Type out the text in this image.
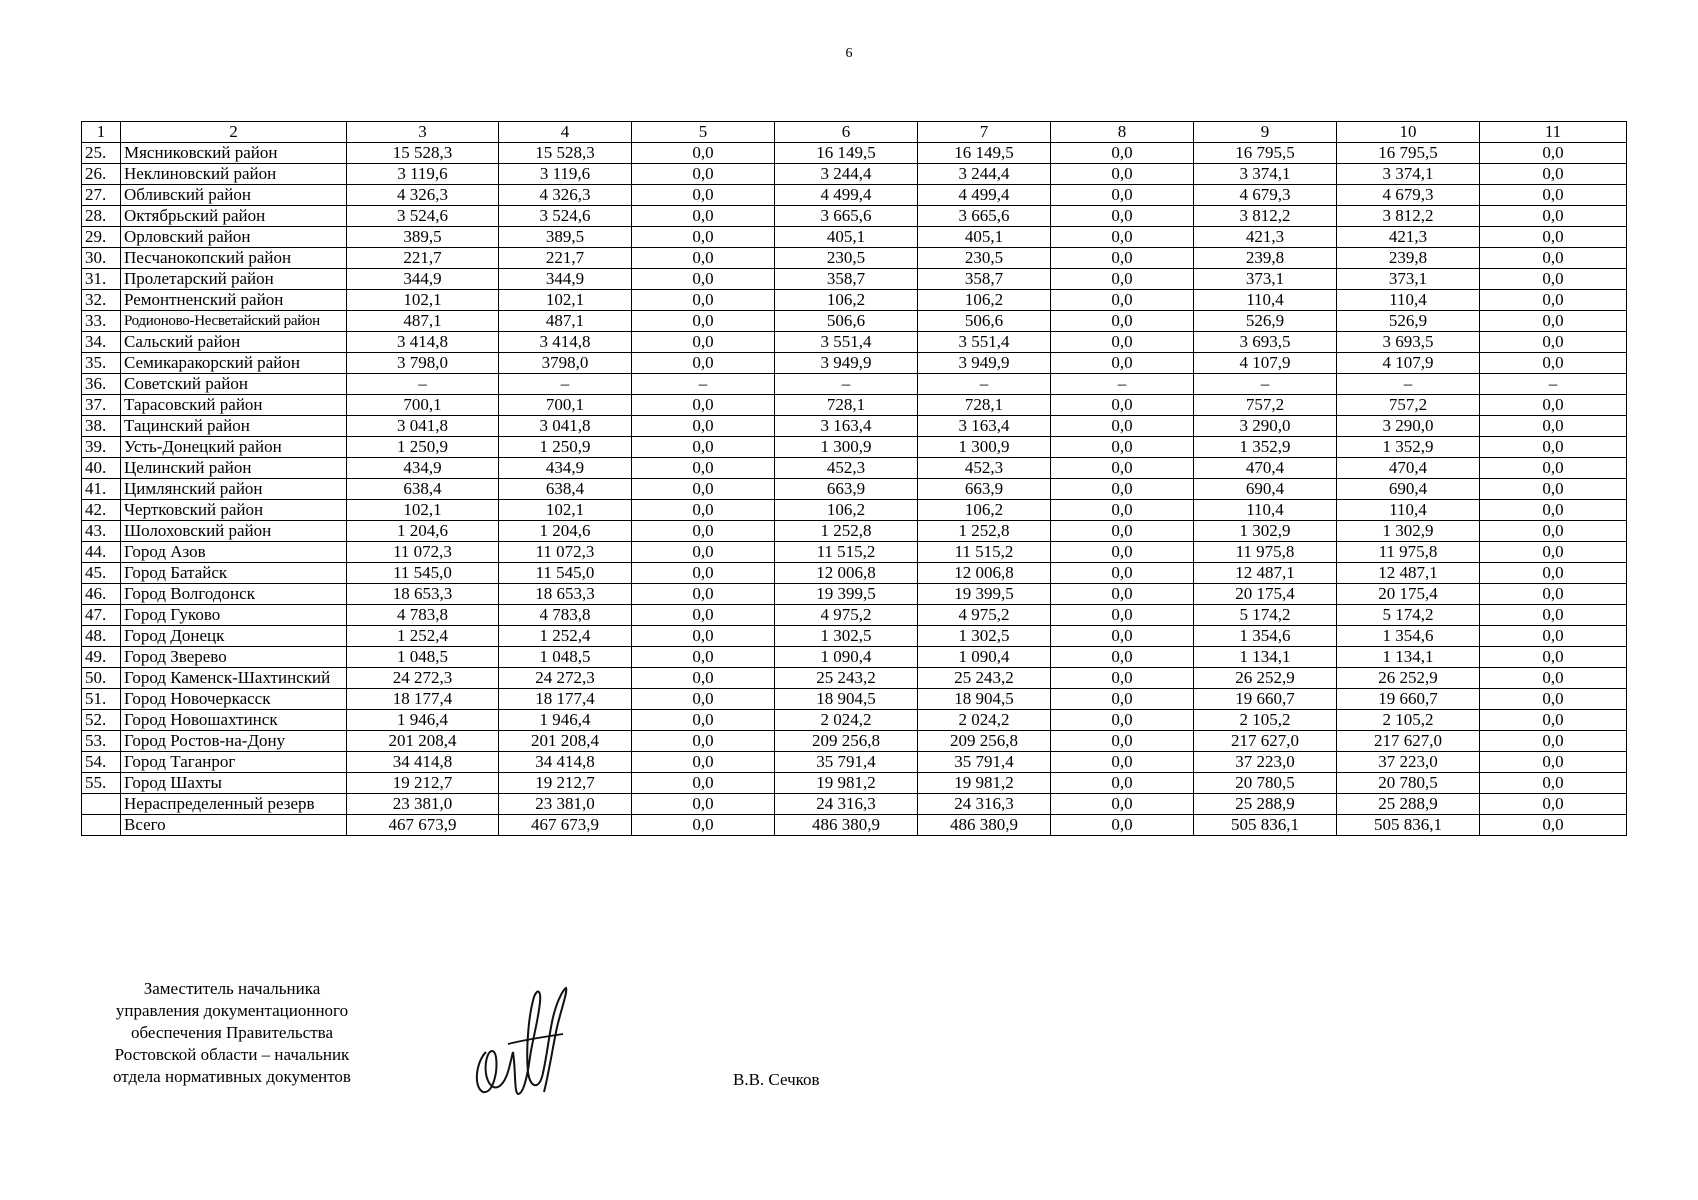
6
1	2	3	4	5	6	7	8	9	10	11
25.	Мясниковский район	15 528,3	15 528,3	0,0	16 149,5	16 149,5	0,0	16 795,5	16 795,5	0,0
26.	Неклиновский район	3 119,6	3 119,6	0,0	3 244,4	3 244,4	0,0	3 374,1	3 374,1	0,0
27.	Обливский район	4 326,3	4 326,3	0,0	4 499,4	4 499,4	0,0	4 679,3	4 679,3	0,0
28.	Октябрьский район	3 524,6	3 524,6	0,0	3 665,6	3 665,6	0,0	3 812,2	3 812,2	0,0
29.	Орловский район	389,5	389,5	0,0	405,1	405,1	0,0	421,3	421,3	0,0
30.	Песчанокопский район	221,7	221,7	0,0	230,5	230,5	0,0	239,8	239,8	0,0
31.	Пролетарский район	344,9	344,9	0,0	358,7	358,7	0,0	373,1	373,1	0,0
32.	Ремонтненский район	102,1	102,1	0,0	106,2	106,2	0,0	110,4	110,4	0,0
33.	Родионово-Несветайский район	487,1	487,1	0,0	506,6	506,6	0,0	526,9	526,9	0,0
34.	Сальский район	3 414,8	3 414,8	0,0	3 551,4	3 551,4	0,0	3 693,5	3 693,5	0,0
35.	Семикаракорский район	3 798,0	3798,0	0,0	3 949,9	3 949,9	0,0	4 107,9	4 107,9	0,0
36.	Советский район	–	–	–	–	–	–	–	–	–
37.	Тарасовский район	700,1	700,1	0,0	728,1	728,1	0,0	757,2	757,2	0,0
38.	Тацинский район	3 041,8	3 041,8	0,0	3 163,4	3 163,4	0,0	3 290,0	3 290,0	0,0
39.	Усть-Донецкий район	1 250,9	1 250,9	0,0	1 300,9	1 300,9	0,0	1 352,9	1 352,9	0,0
40.	Целинский район	434,9	434,9	0,0	452,3	452,3	0,0	470,4	470,4	0,0
41.	Цимлянский район	638,4	638,4	0,0	663,9	663,9	0,0	690,4	690,4	0,0
42.	Чертковский район	102,1	102,1	0,0	106,2	106,2	0,0	110,4	110,4	0,0
43.	Шолоховский район	1 204,6	1 204,6	0,0	1 252,8	1 252,8	0,0	1 302,9	1 302,9	0,0
44.	Город Азов	11 072,3	11 072,3	0,0	11 515,2	11 515,2	0,0	11 975,8	11 975,8	0,0
45.	Город Батайск	11 545,0	11 545,0	0,0	12 006,8	12 006,8	0,0	12 487,1	12 487,1	0,0
46.	Город Волгодонск	18 653,3	18 653,3	0,0	19 399,5	19 399,5	0,0	20 175,4	20 175,4	0,0
47.	Город Гуково	4 783,8	4 783,8	0,0	4 975,2	4 975,2	0,0	5 174,2	5 174,2	0,0
48.	Город Донецк	1 252,4	1 252,4	0,0	1 302,5	1 302,5	0,0	1 354,6	1 354,6	0,0
49.	Город Зверево	1 048,5	1 048,5	0,0	1 090,4	1 090,4	0,0	1 134,1	1 134,1	0,0
50.	Город Каменск-Шахтинский	24 272,3	24 272,3	0,0	25 243,2	25 243,2	0,0	26 252,9	26 252,9	0,0
51.	Город Новочеркасск	18 177,4	18 177,4	0,0	18 904,5	18 904,5	0,0	19 660,7	19 660,7	0,0
52.	Город Новошахтинск	1 946,4	1 946,4	0,0	2 024,2	2 024,2	0,0	2 105,2	2 105,2	0,0
53.	Город Ростов-на-Дону	201 208,4	201 208,4	0,0	209 256,8	209 256,8	0,0	217 627,0	217 627,0	0,0
54.	Город Таганрог	34 414,8	34 414,8	0,0	35 791,4	35 791,4	0,0	37 223,0	37 223,0	0,0
55.	Город Шахты	19 212,7	19 212,7	0,0	19 981,2	19 981,2	0,0	20 780,5	20 780,5	0,0
	Нераспределенный резерв	23 381,0	23 381,0	0,0	24 316,3	24 316,3	0,0	25 288,9	25 288,9	0,0
	Всего	467 673,9	467 673,9	0,0	486 380,9	486 380,9	0,0	505 836,1	505 836,1	0,0
Заместитель начальника
управления документационного
обеспечения Правительства
Ростовской области – начальник
отдела нормативных документов	В.В. Сечков
